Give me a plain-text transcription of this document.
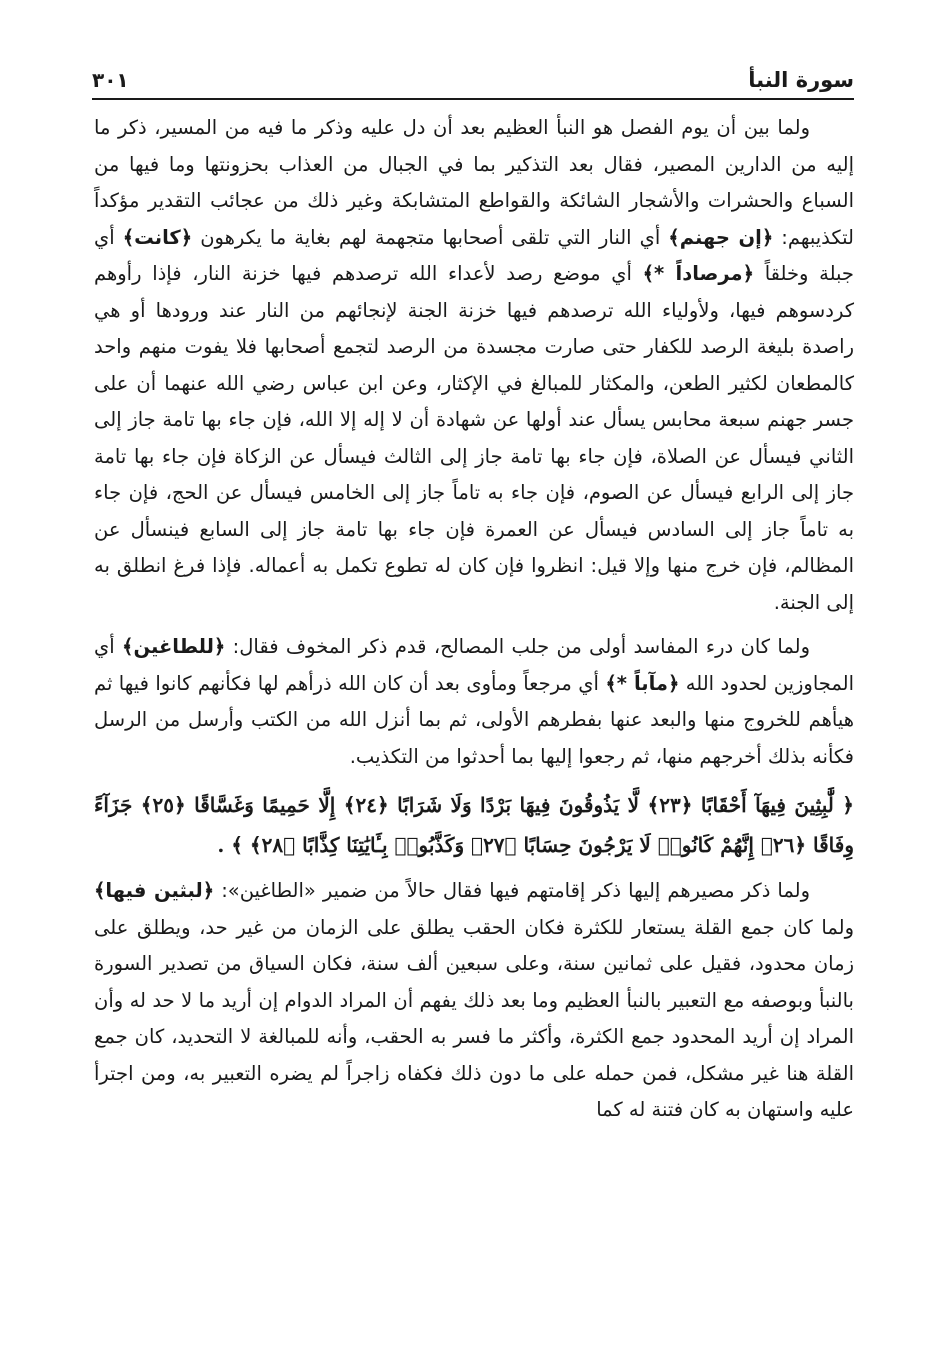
سورة النبأ
٣٠١

ولما بين أن يوم الفصل هو النبأ العظيم بعد أن دل عليه وذكر ما فيه من المسير، ذكر ما إليه من الدارين المصير، فقال بعد التذكير بما في الجبال من العذاب بحزونتها وما فيها من السباع والحشرات والأشجار الشائكة والقواطع المتشابكة وغير ذلك من عجائب التقدير مؤكداً لتكذيبهم: ﴿إن جهنم﴾ أي النار التي تلقى أصحابها متجهمة لهم بغاية ما يكرهون ﴿كانت﴾ أي جبلة وخلقاً ﴿مرصاداً *﴾ أي موضع رصد لأعداء الله ترصدهم فيها خزنة النار، فإذا رأوهم كردسوهم فيها، ولأولياء الله ترصدهم فيها خزنة الجنة لإنجائهم من النار عند ورودها أو هي راصدة بليغة الرصد للكفار حتى صارت مجسدة من الرصد لتجمع أصحابها فلا يفوت منهم واحد كالمطعان لكثير الطعن، والمكثار للمبالغ في الإكثار، وعن ابن عباس رضي الله عنهما أن على جسر جهنم سبعة محابس يسأل عند أولها عن شهادة أن لا إله إلا الله، فإن جاء بها تامة جاز إلى الثاني فيسأل عن الصلاة، فإن جاء بها تامة جاز إلى الثالث فيسأل عن الزكاة فإن جاء بها تامة جاز إلى الرابع فيسأل عن الصوم، فإن جاء به تاماً جاز إلى الخامس فيسأل عن الحج، فإن جاء به تاماً جاز إلى السادس فيسأل عن العمرة فإن جاء بها تامة جاز إلى السابع فينسأل عن المظالم، فإن خرج منها وإلا قيل: انظروا فإن كان له تطوع تكمل به أعماله. فإذا فرغ انطلق به إلى الجنة.

ولما كان درء المفاسد أولى من جلب المصالح، قدم ذكر المخوف فقال: ﴿للطاغين﴾ أي المجاوزين لحدود الله ﴿مآباً *﴾ أي مرجعاً ومأوى بعد أن كان الله ذرأهم لها فكأنهم كانوا فيها ثم هيأهم للخروج منها والبعد عنها بفطرهم الأولى، ثم بما أنزل الله من الكتب وأرسل من الرسل فكأنه بذلك أخرجهم منها، ثم رجعوا إليها بما أحدثوا من التكذيب.

﴿ لَّٰبِثِينَ فِيهَآ أَحْقَابًا ﴿٢٣﴾ لَّا يَذُوقُونَ فِيهَا بَرْدًا وَلَا شَرَابًا ﴿٢٤﴾ إِلَّا حَمِيمًا وَغَسَّاقًا ﴿٢٥﴾ جَزَآءً وِفَاقًا ﴿٢٦﴾ إِنَّهُمْ كَانُوا۟ لَا يَرْجُونَ حِسَابًا ﴿٢٧﴾ وَكَذَّبُوا۟ بِـَٔايَٰتِنَا كِذَّابًا ﴿٢٨﴾ ﴾ .

ولما ذكر مصيرهم إليها ذكر إقامتهم فيها فقال حالاً من ضمير «الطاغين»: ﴿لبثين فيها﴾ ولما كان جمع القلة يستعار للكثرة فكان الحقب يطلق على الزمان من غير حد، ويطلق على زمان محدود، فقيل على ثمانين سنة، وعلى سبعين ألف سنة، فكان السياق من تصدير السورة بالنبأ وبوصفه مع التعبير بالنبأ العظيم وما بعد ذلك يفهم أن المراد الدوام إن أريد ما لا حد له وأن المراد إن أريد المحدود جمع الكثرة، وأكثر ما فسر به الحقب، وأنه للمبالغة لا التحديد، كان جمع القلة هنا غير مشكل، فمن حمله على ما دون ذلك فكفاه زاجراً لم يضره التعبير به، ومن اجترأ عليه واستهان به كان فتنة له كما
